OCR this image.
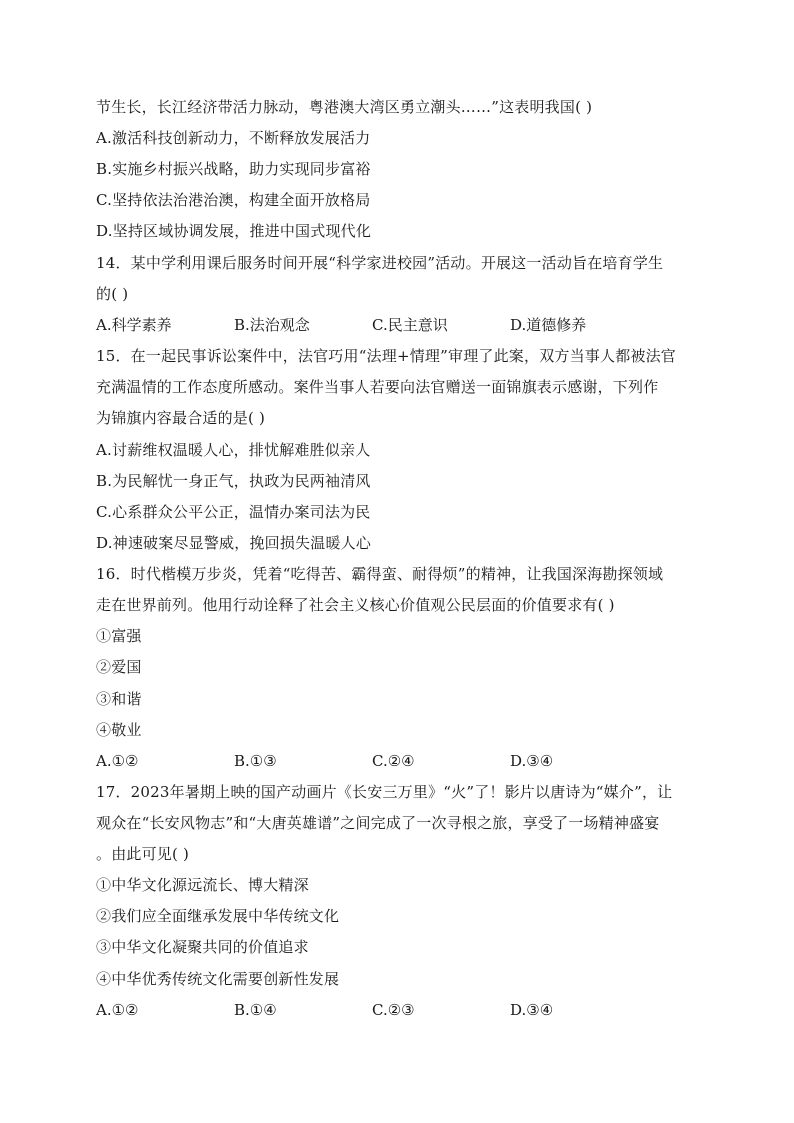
节生长，长江经济带活力脉动，粤港澳大湾区勇立潮头……”这表明我国( )
A.激活科技创新动力，不断释放发展活力
B.实施乡村振兴战略，助力实现同步富裕
C.坚持依法治港治澳，构建全面开放格局
D.坚持区域协调发展，推进中国式现代化
14．某中学利用课后服务时间开展“科学家进校园”活动。开展这一活动旨在培育学生
的( )
A.科学素养	B.法治观念	C.民主意识	D.道德修养
15．在一起民事诉讼案件中，法官巧用“法理+情理”审理了此案，双方当事人都被法官
充满温情的工作态度所感动。案件当事人若要向法官赠送一面锦旗表示感谢，下列作
为锦旗内容最合适的是( )
A.讨薪维权温暖人心，排忧解难胜似亲人
B.为民解忧一身正气，执政为民两袖清风
C.心系群众公平公正，温情办案司法为民
D.神速破案尽显警威，挽回损失温暖人心
16．时代楷模万步炎，凭着“吃得苦、霸得蛮、耐得烦”的精神，让我国深海勘探领域
走在世界前列。他用行动诠释了社会主义核心价值观公民层面的价值要求有( )
①富强
②爱国
③和谐
④敬业
A.①②	B.①③	C.②④	D.③④
17．2023年暑期上映的国产动画片《长安三万里》“火”了！影片以唐诗为“媒介”，让
观众在“长安风物志”和“大唐英雄谱”之间完成了一次寻根之旅，享受了一场精神盛宴
。由此可见( )
①中华文化源远流长、博大精深
②我们应全面继承发展中华传统文化
③中华文化凝聚共同的价值追求
④中华优秀传统文化需要创新性发展
A.①②	B.①④	C.②③	D.③④
